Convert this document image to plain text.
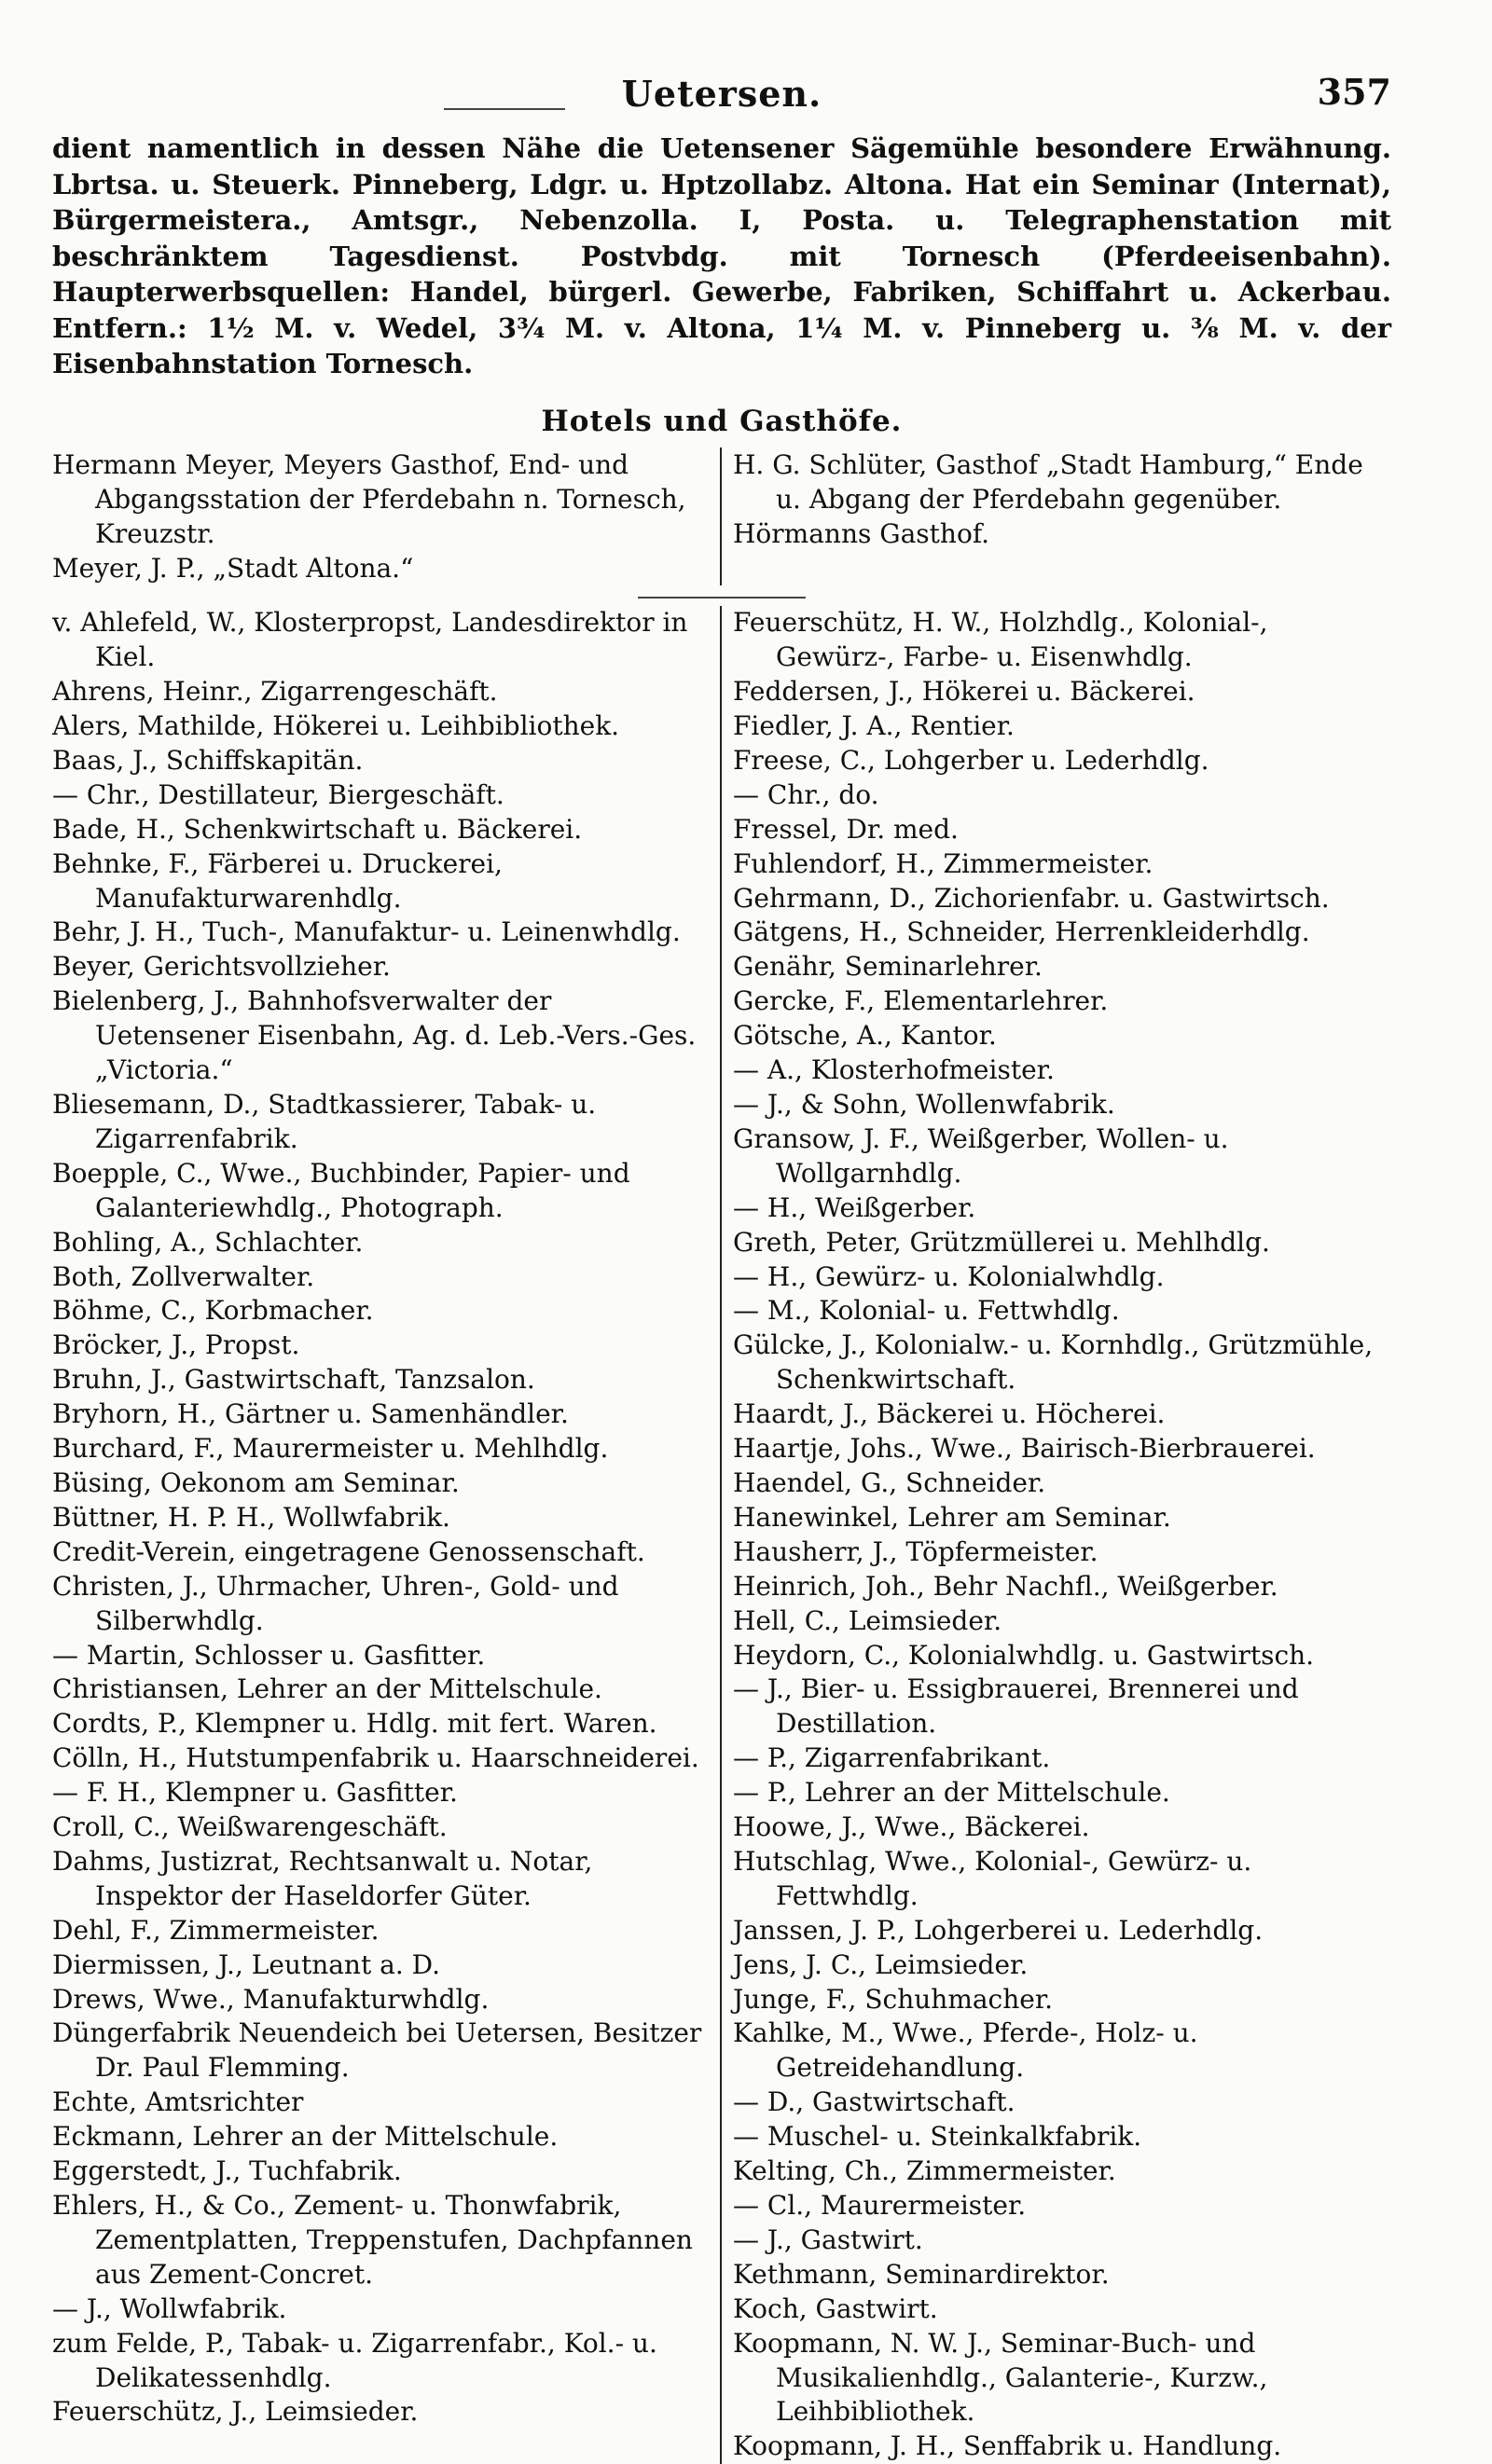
Uetersen.	357
dient namentlich in dessen Nähe die Uetensener Sägemühle besondere Erwähnung. Lbrtsa. u. Steuerk. Pinneberg, Ldgr. u. Hptzollabz. Altona. Hat ein Seminar (Internat), Bürgermeistera., Amtsgr., Nebenzolla. I, Posta. u. Telegraphenstation mit beschränktem Tagesdienst. Postvbdg. mit Tornesch (Pferdeeisenbahn). Haupterwerbsquellen: Handel, bürgerl. Gewerbe, Fabriken, Schiffahrt u. Ackerbau. Entfern.: 1½ M. v. Wedel, 3¾ M. v. Altona, 1¼ M. v. Pinneberg u. ⅜ M. v. der Eisenbahnstation Tornesch.
Hotels und Gasthöfe.
Hermann Meyer, Meyers Gasthof, End- und Abgangsstation der Pferdebahn n. Tornesch, Kreuzstr.
Meyer, J. P., „Stadt Altona.“
H. G. Schlüter, Gasthof „Stadt Hamburg,“ Ende u. Abgang der Pferdebahn gegenüber.
Hörmanns Gasthof.
v. Ahlefeld, W., Klosterpropst, Landesdirektor in Kiel.
Ahrens, Heinr., Zigarrengeschäft.
Alers, Mathilde, Hökerei u. Leihbibliothek.
Baas, J., Schiffskapitän.
— Chr., Destillateur, Biergeschäft.
Bade, H., Schenkwirtschaft u. Bäckerei.
Behnke, F., Färberei u. Druckerei, Manufakturwarenhdlg.
Behr, J. H., Tuch-, Manufaktur- u. Leinenwhdlg.
Beyer, Gerichtsvollzieher.
Bielenberg, J., Bahnhofsverwalter der Uetensener Eisenbahn, Ag. d. Leb.-Vers.-Ges. „Victoria.“
Bliesemann, D., Stadtkassierer, Tabak- u. Zigarrenfabrik.
Boepple, C., Wwe., Buchbinder, Papier- und Galanteriewhdlg., Photograph.
Bohling, A., Schlachter.
Both, Zollverwalter.
Böhme, C., Korbmacher.
Bröcker, J., Propst.
Bruhn, J., Gastwirtschaft, Tanzsalon.
Bryhorn, H., Gärtner u. Samenhändler.
Burchard, F., Maurermeister u. Mehlhdlg.
Büsing, Oekonom am Seminar.
Büttner, H. P. H., Wollwfabrik.
Credit-Verein, eingetragene Genossenschaft.
Christen, J., Uhrmacher, Uhren-, Gold- und Silberwhdlg.
— Martin, Schlosser u. Gasfitter.
Christiansen, Lehrer an der Mittelschule.
Cordts, P., Klempner u. Hdlg. mit fert. Waren.
Cölln, H., Hutstumpenfabrik u. Haarschneiderei.
— F. H., Klempner u. Gasfitter.
Croll, C., Weißwarengeschäft.
Dahms, Justizrat, Rechtsanwalt u. Notar, Inspektor der Haseldorfer Güter.
Dehl, F., Zimmermeister.
Diermissen, J., Leutnant a. D.
Drews, Wwe., Manufakturwhdlg.
Düngerfabrik Neuendeich bei Uetersen, Besitzer Dr. Paul Flemming.
Echte, Amtsrichter
Eckmann, Lehrer an der Mittelschule.
Eggerstedt, J., Tuchfabrik.
Ehlers, H., & Co., Zement- u. Thonwfabrik, Zementplatten, Treppenstufen, Dachpfannen aus Zement-Concret.
— J., Wollwfabrik.
zum Felde, P., Tabak- u. Zigarrenfabr., Kol.- u. Delikatessenhdlg.
Feuerschütz, J., Leimsieder.
Feuerschütz, H. W., Holzhdlg., Kolonial-, Gewürz-, Farbe- u. Eisenwhdlg.
Feddersen, J., Hökerei u. Bäckerei.
Fiedler, J. A., Rentier.
Freese, C., Lohgerber u. Lederhdlg.
— Chr., do.
Fressel, Dr. med.
Fuhlendorf, H., Zimmermeister.
Gehrmann, D., Zichorienfabr. u. Gastwirtsch.
Gätgens, H., Schneider, Herrenkleiderhdlg.
Genähr, Seminarlehrer.
Gercke, F., Elementarlehrer.
Götsche, A., Kantor.
— A., Klosterhofmeister.
— J., & Sohn, Wollenwfabrik.
Gransow, J. F., Weißgerber, Wollen- u. Wollgarnhdlg.
— H., Weißgerber.
Greth, Peter, Grützmüllerei u. Mehlhdlg.
— H., Gewürz- u. Kolonialwhdlg.
— M., Kolonial- u. Fettwhdlg.
Gülcke, J., Kolonialw.- u. Kornhdlg., Grützmühle, Schenkwirtschaft.
Haardt, J., Bäckerei u. Höcherei.
Haartje, Johs., Wwe., Bairisch-Bierbrauerei.
Haendel, G., Schneider.
Hanewinkel, Lehrer am Seminar.
Hausherr, J., Töpfermeister.
Heinrich, Joh., Behr Nachfl., Weißgerber.
Hell, C., Leimsieder.
Heydorn, C., Kolonialwhdlg. u. Gastwirtsch.
— J., Bier- u. Essigbrauerei, Brennerei und Destillation.
— P., Zigarrenfabrikant.
— P., Lehrer an der Mittelschule.
Hoowe, J., Wwe., Bäckerei.
Hutschlag, Wwe., Kolonial-, Gewürz- u. Fettwhdlg.
Janssen, J. P., Lohgerberei u. Lederhdlg.
Jens, J. C., Leimsieder.
Junge, F., Schuhmacher.
Kahlke, M., Wwe., Pferde-, Holz- u. Getreidehandlung.
— D., Gastwirtschaft.
— Muschel- u. Steinkalkfabrik.
Kelting, Ch., Zimmermeister.
— Cl., Maurermeister.
— J., Gastwirt.
Kethmann, Seminardirektor.
Koch, Gastwirt.
Koopmann, N. W. J., Seminar-Buch- und Musikalienhdlg., Galanterie-, Kurzw., Leihbibliothek.
Koopmann, J. H., Senffabrik u. Handlung.
